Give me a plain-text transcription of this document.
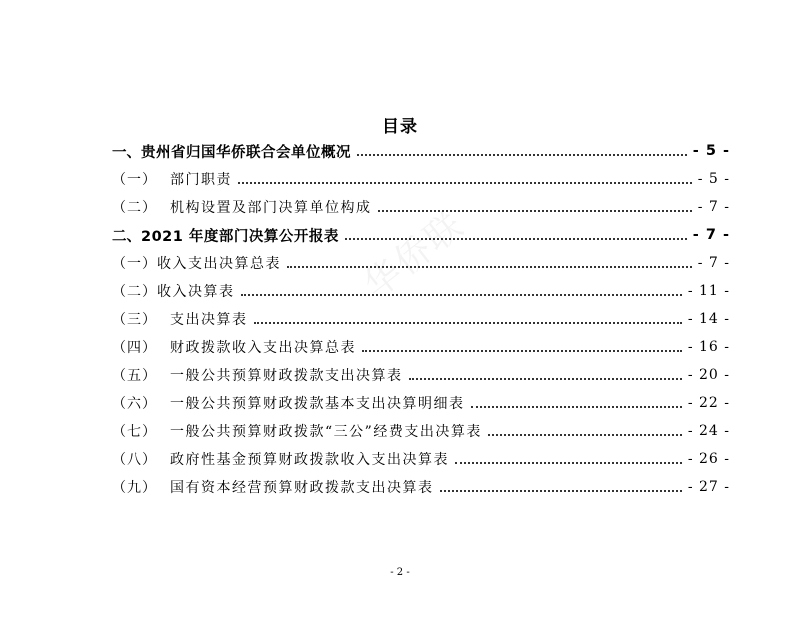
华侨联
目录
一、 贵州省归国华侨联合会单位概况	- 5 -
（一） 部门职责	- 5 -
（二） 机构设置及部门决算单位构成	- 7 -
二、 2021 年度部门决算公开报表	- 7 -
（一） 收入支出决算总表	- 7 -
（二） 收入决算表	- 11 -
（三） 支出决算表	- 14 -
（四） 财政拨款收入支出决算总表	- 16 -
（五） 一般公共预算财政拨款支出决算表	- 20 -
（六） 一般公共预算财政拨款基本支出决算明细表	- 22 -
（七） 一般公共预算财政拨款“三公”经费支出决算表	- 24 -
（八） 政府性基金预算财政拨款收入支出决算表	- 26 -
（九） 国有资本经营预算财政拨款支出决算表	- 27 -
- 2 -
